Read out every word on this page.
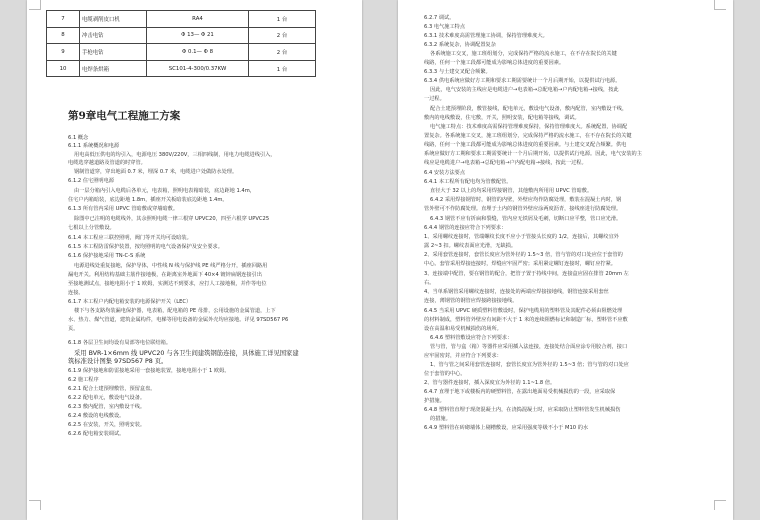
7	电缆剥削皮口机	RA4	1 台
8	冲击电钻	Φ 13— Φ 21	2 台
9	手枪电钻	Φ 0.1— Φ 8	2 台
10	电焊条烘箱	SC101-4-300/0.37KW	1 台
第9章电气工程施工方案
6.1 概念
6.1.1 系统概况和电源
用电高低压供电的均引入，电源电压 380V/220V，三相四线制，用电力电缆进线引入，
电缆选穿越道路及管道的时穿管。
钢制管道穿，穿出地面 0.7 米，埋深 0.7 米，电缆进户处做防水处理。
6.1.2 住宅照明电源
由一层分箱内引入电缆后各单元，电表箱，照明电表箱暗装，底边距地 1.4m，
住宅户内箱暗装，底边距地 1.8m，插座开关板暗装底边距地 1.4m。
6.1.3 所有管内采用 UPVC 管暗敷或穿墙暗敷。
除图中已注明的电缆线外，其余照明电缆一律三根穿 UPVC20，四至六根穿 UPVC25
七根以上分管敷设。
6.1.4 本工程应三联控照明，阀门等开关均可设暗装。
6.1.5 本工程防雷保护装置，按均照明的电气设备保护及安全要求。
6.1.6 保护接地采用 TN-C-S 系统
电源进线处重复接地，保护导体，中性线 N 线与保护线 PE 线严格分开，插座回路用
漏电开关。利用结构基础主筋作接地极，在距离室外地面下 40×4 镀锌扁钢连接引出
至接地测试点，接地电阻小于 1 欧姆，实测达不到要求，应打人工接地极，并作等电位
连接。
6.1.7 本工程户内配电箱安装的电源保护开关（LEC）
楼下与各支路均装漏电保护器，电表箱，配电箱的 PE 母排，公用设施的金属管道，上下
水、热力、煤气管道，建筑金属构件，电梯等用电设备的金属外壳均应接地。详见 97SD567 P6
页。
6.1.8 各层卫生间均设有局部等电位联结箱。
采用 BVR-1×6mm 线 UPVC20 与各卫生间建筑钢筋连接，具体施工详见国家建
筑标准设计图集 97SD567 P8 页。
6.1.9 保护接地和防雷接地采用一套接地装置，接地电阻小于 1 欧姆。
6.2 施工程序
6.2.1 配合土建预埋敷管，预留盒盘。
6.2.2 配电单元，敷设电气设备。
6.2.3 敷内配管，室内敷设干线。
6.2.4 敷设的电线敷设。
6.2.5 在安装，开关，照明安装。
6.2.6 配电箱安装调试。
6.2.7 调试。
6.3 电气施工特点
6.3.1 技术难度高需管理施工协调，保持管理难度大。
6.3.2 系统复杂，协调配置复杂
各系统施工交叉，施工班组划分，完成保持严格的流水施工，在不存在院长的关键
线路，任何一个施工段都可能成为影响总体进度的重要因素。
6.3.3 与土建交叉配合频繁。
6.3.4 供电系统应做好方工期和要求工期需要统计一个月后期开始，以提供试行电源。
因此，电气安装的主线应是电缆进户→电表箱→总配电箱→户内配电箱→接线，按此
一过程。
配合土建预埋阶段，敷管接线，配电单元，敷设电气设备，敷内配管，室内敷设干线，
敷内的电线敷设，住宅敷，开关，照明安装，配电箱等接线，调试。
电气施工特点：技术难度高需保持管理难度保持，保持管理难度大。系统配置，协调配
置复杂。各系统施工交叉，施工班组划分，完成保持严格的流水施工，在不存在院长的关键
线路，任何一个施工段都可能成为影响总体进度的重要因素。与土建交叉配合频繁。供电
系统应做好方工期和要求工期需要统计一个月后期开始，以提供试行电源。因此，电气安装的主
线应是电缆进户→电表箱→总配电箱→户内配电箱→接线，按此一过程。
6.4 安装方法要点
6.4.1 本工程所有配电均为管敷配管。
直径大于 32 以上的均采用焊接钢管，其他敷内所用用 UPVC 管暗敷。
6.4.2 采用焊接钢管时，钢管的内壁，外壁应均作防腐处理，敷装在混凝土内时，钢
管外壁可不作防腐处理。直埋于土内的钢管外壁应涂两度沥青，接线座进行防腐处理。
6.4.3 钢管不应有折扁和裂缝，管内应无铁屑及毛刺，切断口应平整，管口应光滑。
6.4.4 钢管的连接应符合下列要求：
1、采用螺纹连接时，管端螺纹长度不应小于管接头长度的 1/2，连接后，其螺纹宜外
露 2~3 扣。螺纹表面应光滑，无缺损。
2、采用套管连接时，套管长度应为管外径的 1.5~3 倍，管与管的对口处应位于套管的
中心。套管采用焊接连接时，焊缝应牢固严密；采用紧定螺钉连接时，螺钉应拧紧。
3、连接端中配管，要在钢管的配合，把管子置于持线中间，连接盒应固在排管 20mm 左
右。
4、当单系钢管采用螺纹连接时，连接处的两端应焊接接地线，钢管连接采用套丝
连接，薄钢管的钢管应焊接跨接接地线。
6.4.5 当采用 UPVC 硬质塑料管敷设时，保护电缆用的塑料管及其配件必须由阻燃处理
的材料制成，塑料管外壁应有间距不大于 1 米的连续阻燃标记和制造厂标，塑料管不应敷
设在高温和易受机械损伤的场所。
6.4.6 塑料管敷设应符合下列要求：
管与管，管与盒（箱）等器件应采用插入法连接，连接处结合面应涂专用胶合剂，接口
应牢固密封，并应符合下列要求：
1、管与管之间采用套管连接时，套管长度宜为管外径的 1.5~3 倍；管与管的对口处应
位于套管的中心。
2、管与器件连接时，插入深度宜为外径的 1.1~1.8 倍。
6.4.7 直埋于地下或楼板内的硬塑料管，在露出地面易受机械损伤的一段，应采取保
护措施。
6.4.8 塑料管直埋于现浇混凝土内，在浇捣混凝土时，应采取防止塑料管发生机械损伤
的措施。
6.4.9 塑料管在砖砌墙体上剔槽敷设，应采用强度等级不小于 M10 的水
